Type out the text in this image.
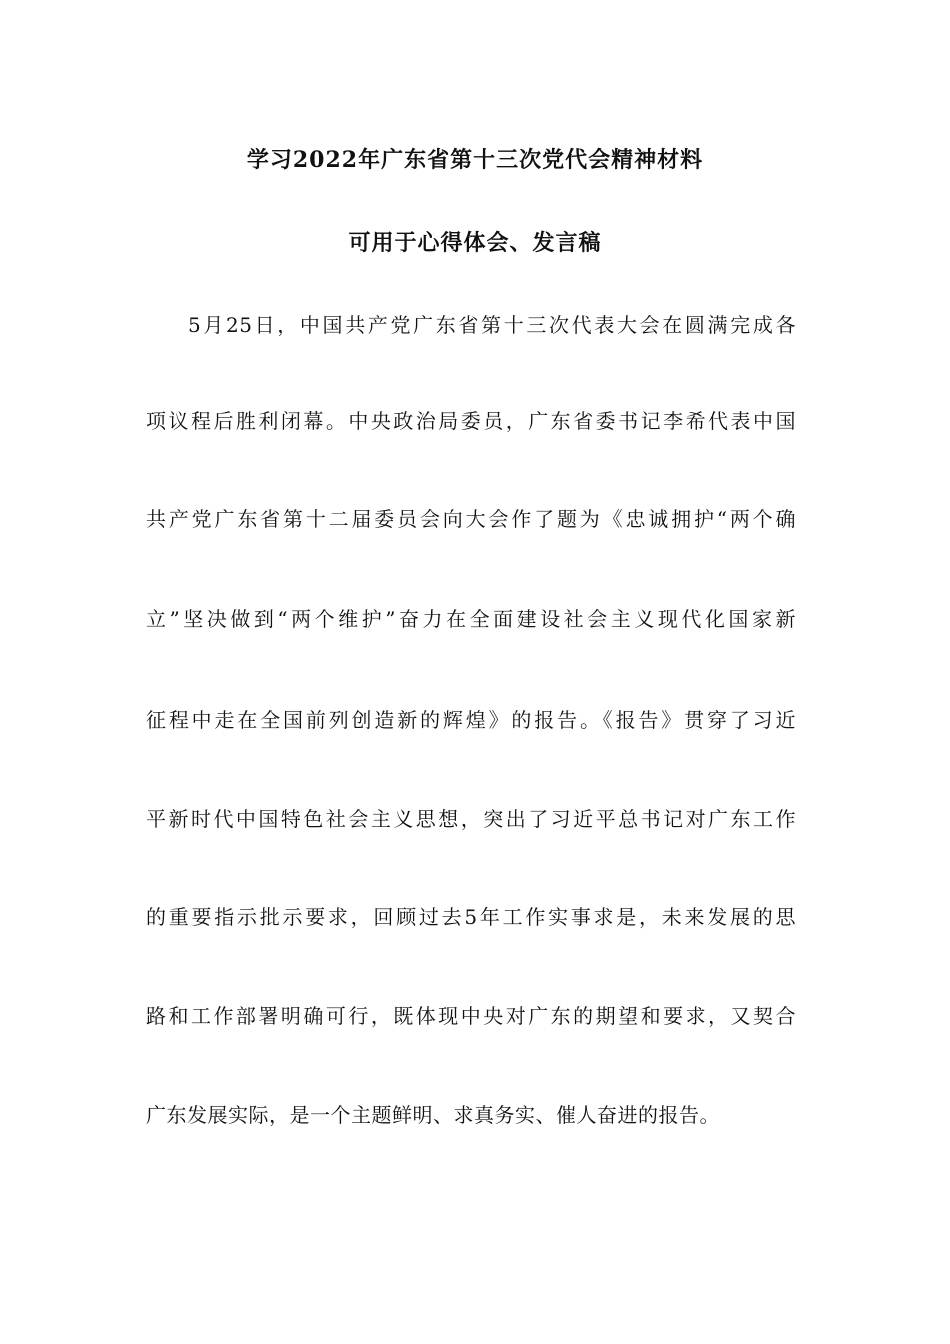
学习2022年广东省第十三次党代会精神材料
可用于心得体会、发言稿
5月25日，中国共产党广东省第十三次代表大会在圆满完成各
项议程后胜利闭幕。中央政治局委员，广东省委书记李希代表中国
共产党广东省第十二届委员会向大会作了题为《忠诚拥护“两个确
立”坚决做到“两个维护”奋力在全面建设社会主义现代化国家新
征程中走在全国前列创造新的辉煌》的报告。《报告》贯穿了习近
平新时代中国特色社会主义思想，突出了习近平总书记对广东工作
的重要指示批示要求，回顾过去5年工作实事求是，未来发展的思
路和工作部署明确可行，既体现中央对广东的期望和要求，又契合
广东发展实际，是一个主题鲜明、求真务实、催人奋进的报告。
